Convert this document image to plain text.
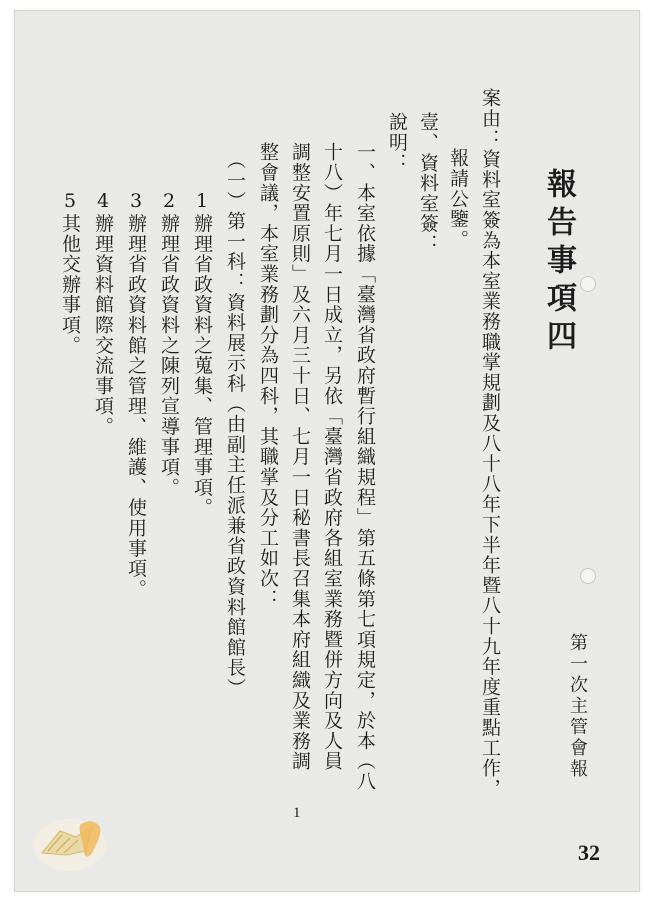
報告事項四
第一次主管會報
案由：資料室簽為本室業務職掌規劃及八十八年下半年暨八十九年度重點工作，
報請公鑒。
壹、資料室簽：
說明：
一、本室依據「臺灣省政府暫行組織規程」第五條第七項規定，於本（八
十八）年七月一日成立，另依「臺灣省政府各組室業務暨併方向及人員
調整安置原則」及六月三十日、七月一日秘書長召集本府組織及業務調
整會議，本室業務劃分為四科，其職掌及分工如次：
（一）第一科：資料展示科（由副主任派兼省政資料館館長）
1辦理省政資料之蒐集、管理事項。
2辦理省政資料之陳列宣導事項。
3辦理省政資料館之管理、維護、使用事項。
4辦理資料館際交流事項。
5其他交辦事項。
1
32
